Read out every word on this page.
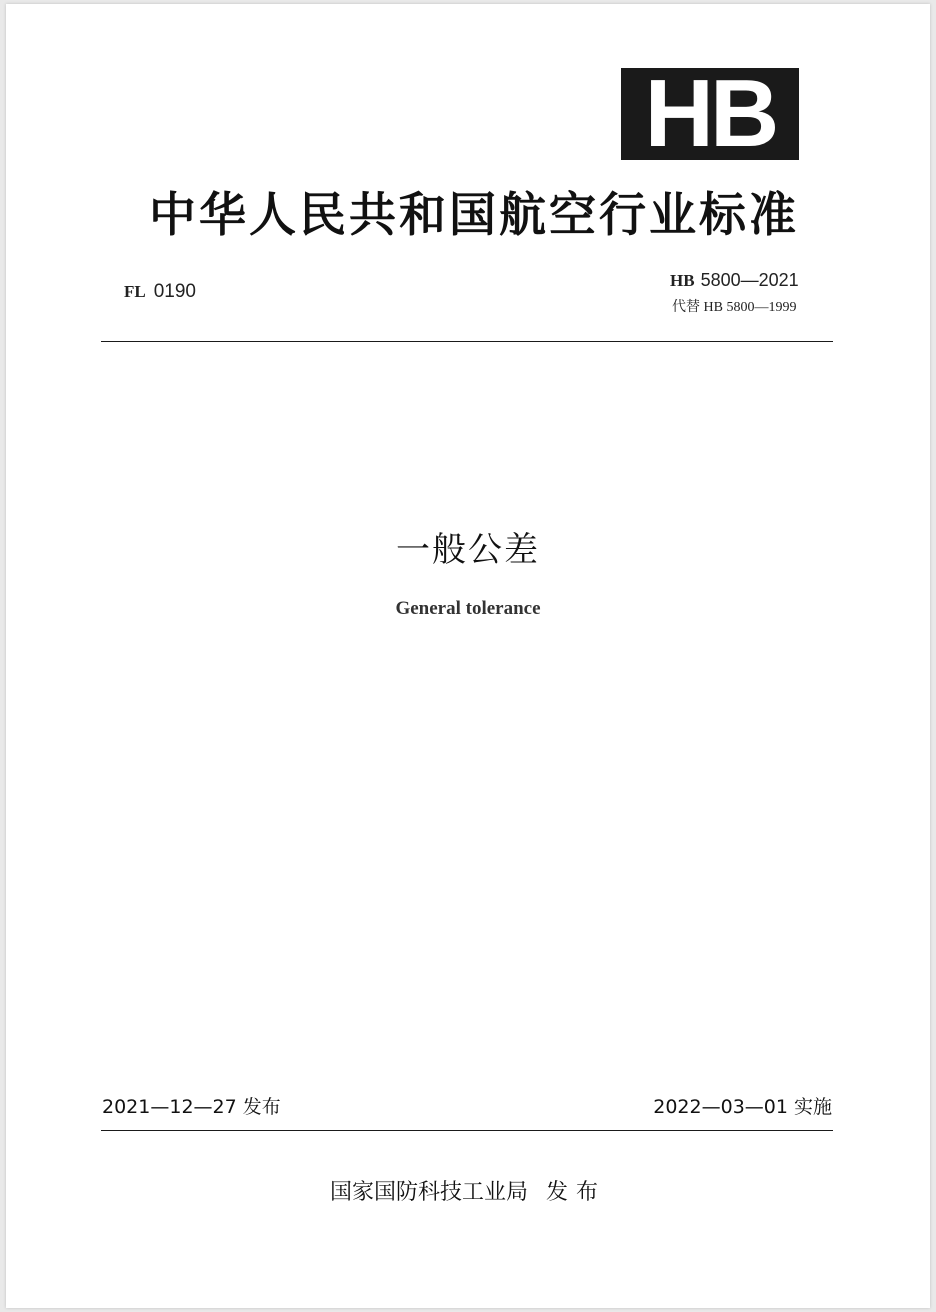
HB
中华人民共和国航空行业标准
FL 0190
HB 5800—2021
代替 HB 5800—1999
一般公差
General tolerance
2021—12—27 发布	2022—03—01 实施
国家国防科技工业局 发布
